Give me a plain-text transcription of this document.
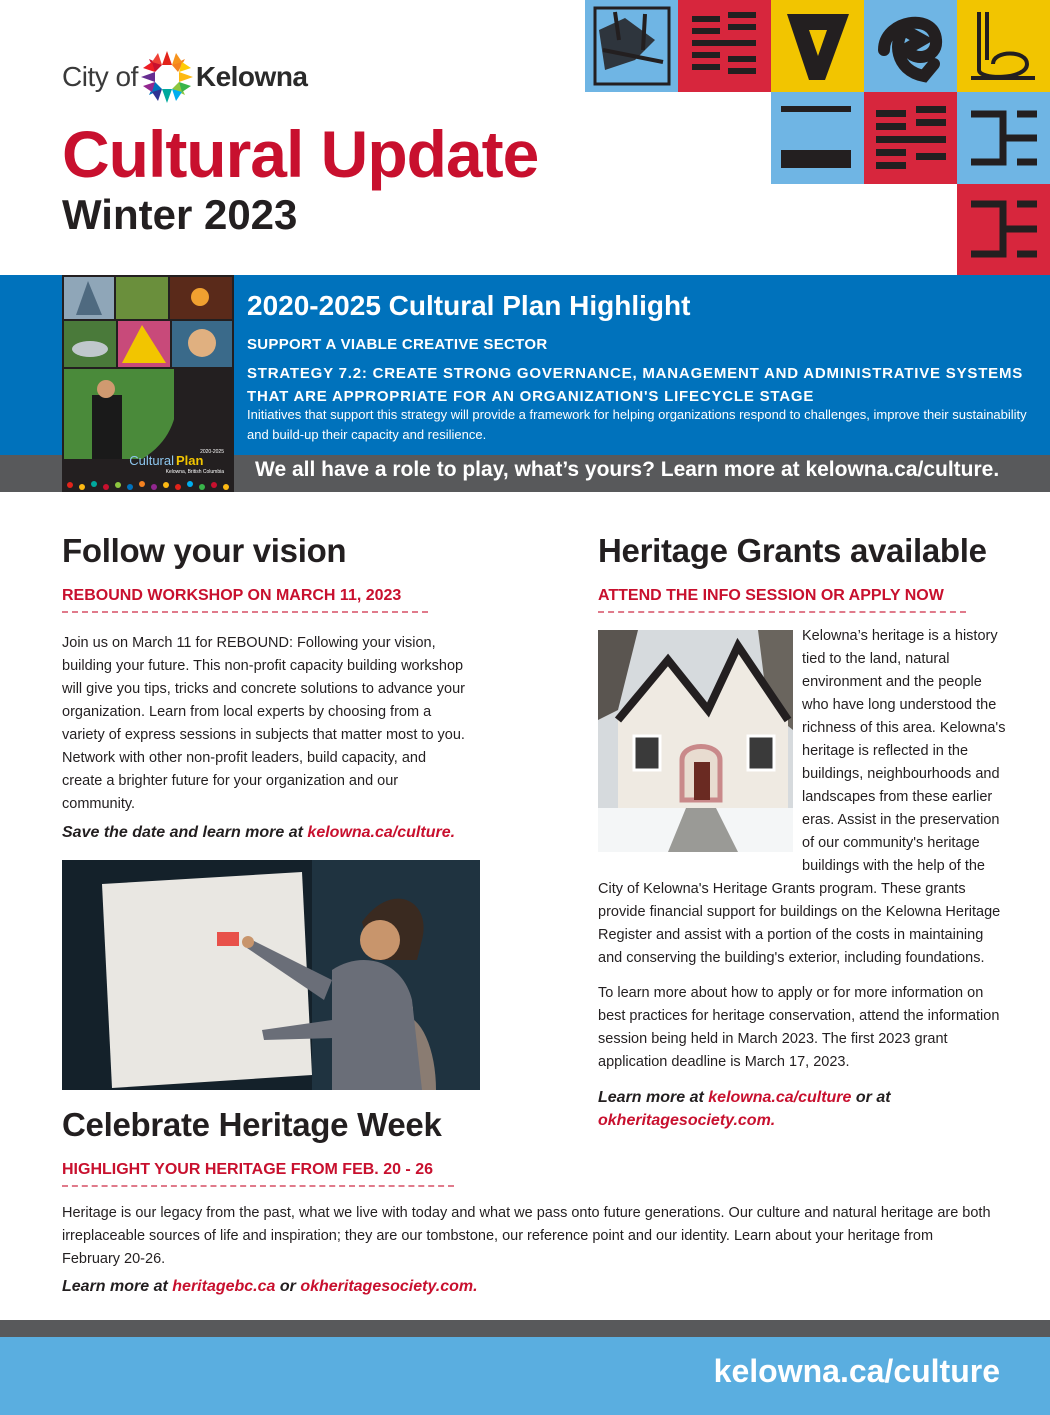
City of Kelowna
Cultural Update
Winter 2023
2020-2025
Cultural Plan
Kelowna, British Columbia
2020-2025 Cultural Plan Highlight
SUPPORT A VIABLE CREATIVE SECTOR
STRATEGY 7.2: CREATE STRONG GOVERNANCE, MANAGEMENT AND ADMINISTRATIVE SYSTEMS THAT ARE APPROPRIATE FOR AN ORGANIZATION'S LIFECYCLE STAGE
Initiatives that support this strategy will provide a framework for helping organizations respond to challenges, improve their sustainability and build-up their capacity and resilience.
We all have a role to play, what’s yours? Learn more at kelowna.ca/culture.
Follow your vision
REBOUND WORKSHOP ON MARCH 11, 2023
Join us on March 11 for REBOUND: Following your vision, building your future. This non-profit capacity building workshop will give you tips, tricks and concrete solutions to advance your organization. Learn from local experts by choosing from a variety of express sessions in subjects that matter most to you. Network with other non-profit leaders, build capacity, and create a brighter future for your organization and our community.
Save the date and learn more at kelowna.ca/culture.
Celebrate Heritage Week
HIGHLIGHT YOUR HERITAGE FROM FEB. 20 - 26
Heritage is our legacy from the past, what we live with today and what we pass onto future generations. Our culture and natural heritage are both irreplaceable sources of life and inspiration; they are our tombstone, our reference point and our identity. Learn about your heritage from February 20-26.
Learn more at heritagebc.ca or okheritagesociety.com.
Heritage Grants available
ATTEND THE INFO SESSION OR APPLY NOW

Kelowna’s heritage is a history tied to the land, natural environment and the people who have long understood the richness of this area. Kelowna's heritage is reflected in the buildings, neighbourhoods and landscapes from these earlier eras. Assist in the preservation of our community's heritage buildings with the help of the City of Kelowna's Heritage Grants program. These grants provide financial support for buildings on the Kelowna Heritage Register and assist with a portion of the costs in maintaining and conserving the building's exterior, including foundations.

To learn more about how to apply or for more information on best practices for heritage conservation, attend the information session being held in March 2023. The first 2023 grant application deadline is March 17, 2023.

Learn more at kelowna.ca/culture or at okheritagesociety.com.

kelowna.ca/culture
